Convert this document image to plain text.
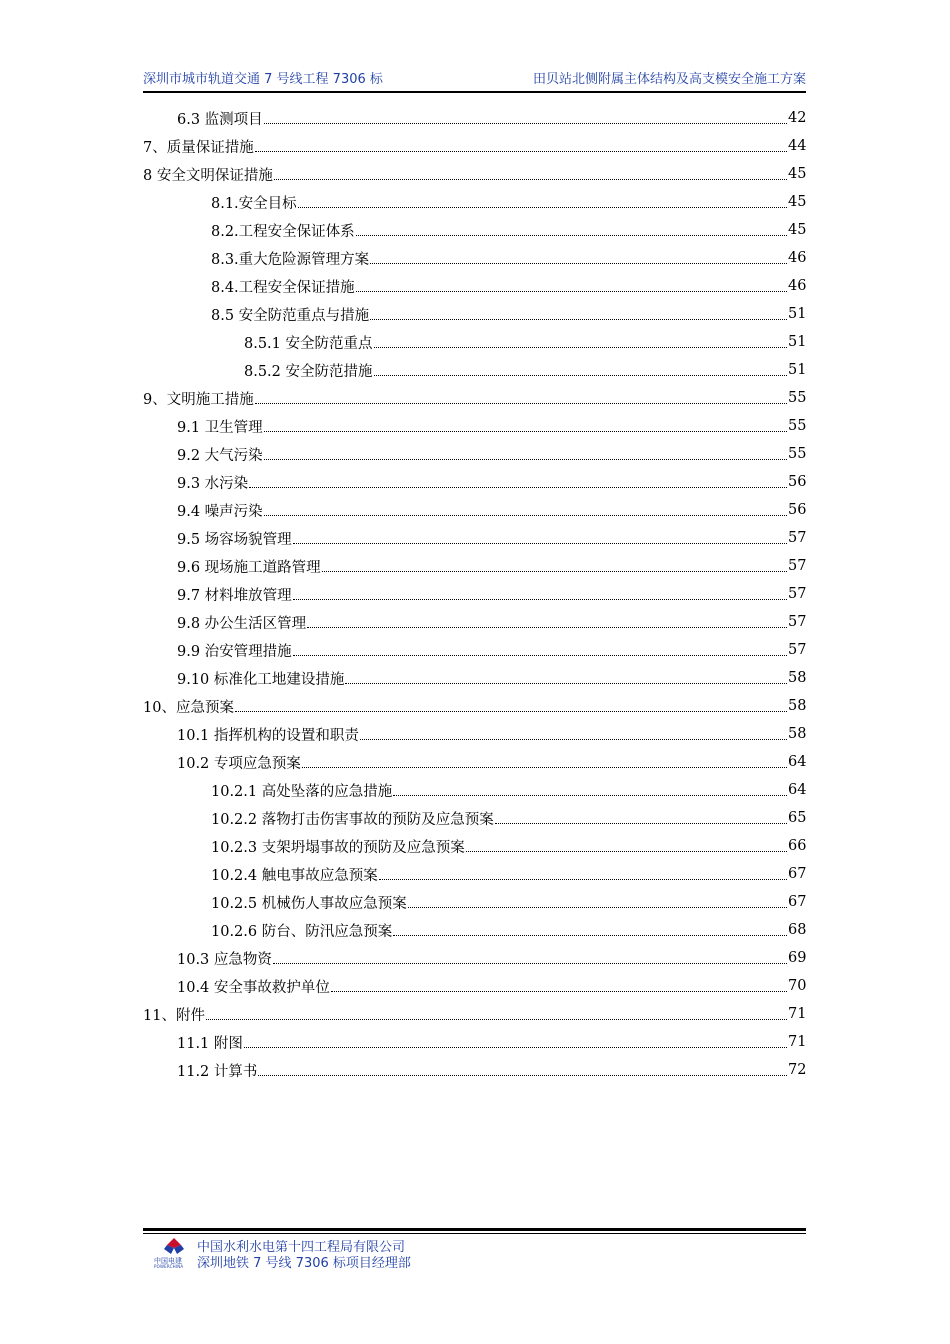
深圳市城市轨道交通 7 号线工程 7306 标	田贝站北侧附属主体结构及高支模安全施工方案
6.3 监测项目	42
7、质量保证措施	44
8 安全文明保证措施	45
8.1.安全目标	45
8.2.工程安全保证体系	45
8.3.重大危险源管理方案	46
8.4.工程安全保证措施	46
8.5 安全防范重点与措施	51
8.5.1 安全防范重点	51
8.5.2 安全防范措施	51
9、文明施工措施	55
9.1 卫生管理	55
9.2 大气污染	55
9.3 水污染	56
9.4 噪声污染	56
9.5 场容场貌管理	57
9.6 现场施工道路管理	57
9.7 材料堆放管理	57
9.8 办公生活区管理	57
9.9 治安管理措施	57
9.10 标准化工地建设措施	58
10、应急预案	58
10.1 指挥机构的设置和职责	58
10.2 专项应急预案	64
10.2.1 高处坠落的应急措施	64
10.2.2 落物打击伤害事故的预防及应急预案	65
10.2.3 支架坍塌事故的预防及应急预案	66
10.2.4 触电事故应急预案	67
10.2.5 机械伤人事故应急预案	67
10.2.6 防台、防汛应急预案	68
10.3 应急物资	69
10.4 安全事故救护单位	70
11、附件	71
11.1 附图	71
11.2 计算书	72
中国电建
POWERCHINA
中国水利水电第十四工程局有限公司
深圳地铁 7 号线 7306 标项目经理部
